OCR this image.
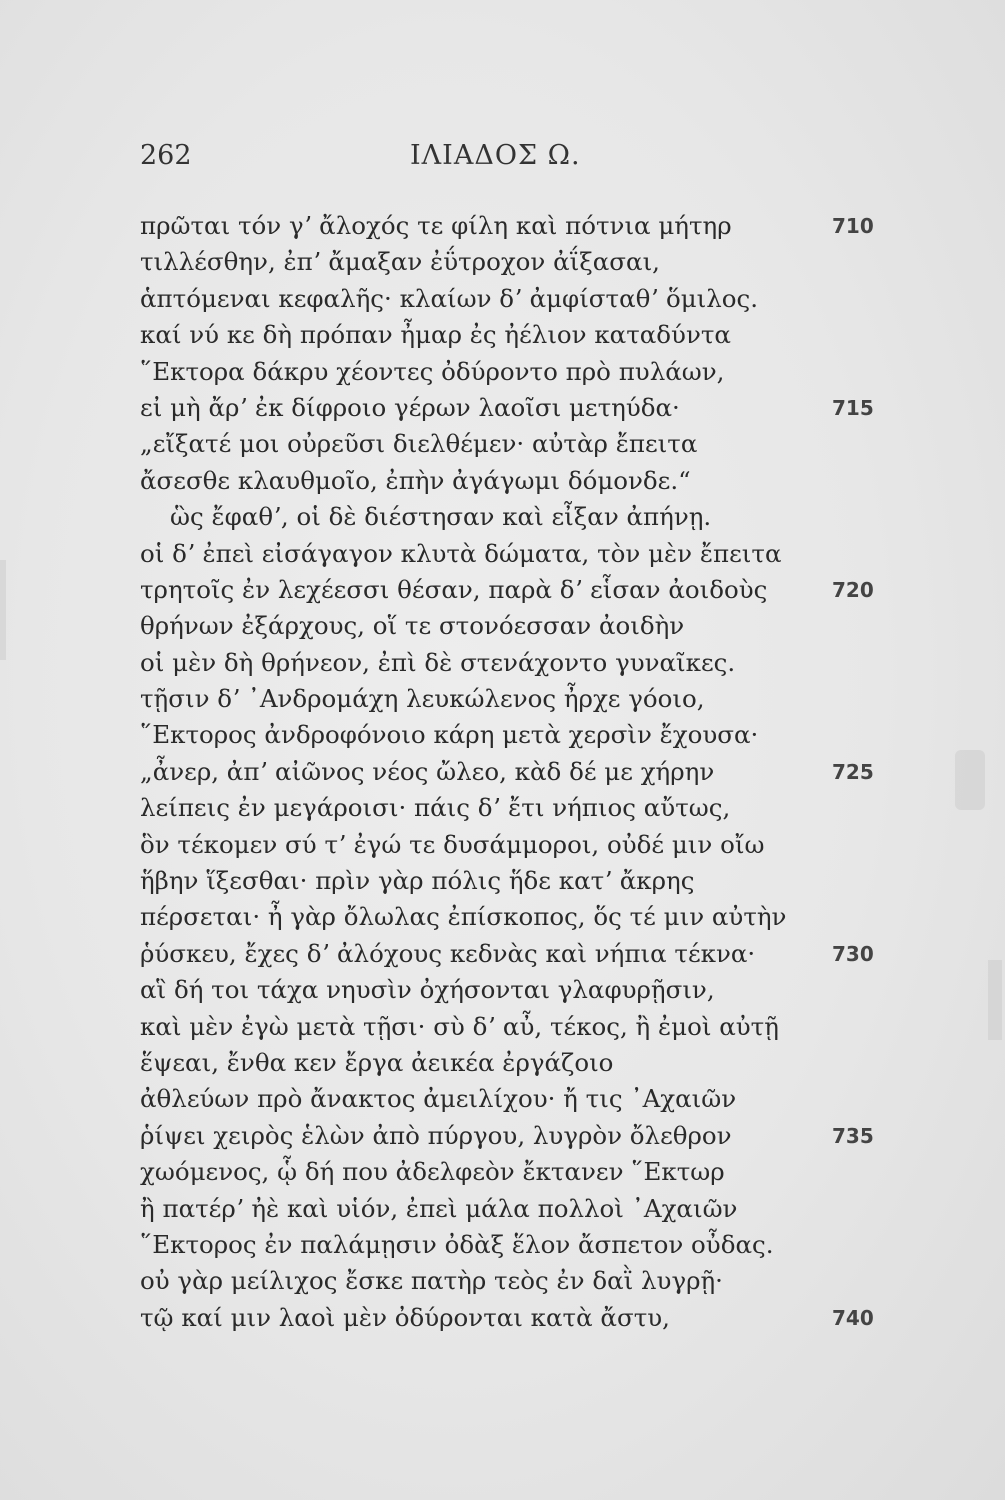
262	ΙΛΙΑΔΟΣ Ω.
πρῶται τόν γʼ ἄλοχός τε φίλη καὶ πότνια μήτηρ	710
τιλλέσθην, ἐπʼ ἄμαξαν ἐΰτροχον ἀΐξασαι,
ἁπτόμεναι κεφαλῆς· κλαίων δʼ ἀμφίσταθʼ ὅμιλος.
καί νύ κε δὴ πρόπαν ἦμαρ ἐς ἠέλιον καταδύντα
῞Εκτορα δάκρυ χέοντες ὀδύροντο πρὸ πυλάων,
εἰ μὴ ἄρʼ ἐκ δίφροιο γέρων λαοῖσι μετηύδα·	715
„εἴξατέ μοι οὐρεῦσι διελθέμεν· αὐτὰρ ἔπειτα
ἄσεσθε κλαυθμοῖο, ἐπὴν ἀγάγωμι δόμονδε.“
ὣς ἔφαθʼ, οἱ δὲ διέστησαν καὶ εἶξαν ἀπήνῃ.
οἱ δʼ ἐπεὶ εἰσάγαγον κλυτὰ δώματα, τὸν μὲν ἔπειτα
τρητοῖς ἐν λεχέεσσι θέσαν, παρὰ δʼ εἷσαν ἀοιδοὺς	720
θρήνων ἐξάρχους, οἵ τε στονόεσσαν ἀοιδὴν
οἱ μὲν δὴ θρήνεον, ἐπὶ δὲ στενάχοντο γυναῖκες.
τῇσιν δʼ ᾿Ανδρομάχη λευκώλενος ἦρχε γόοιο,
῞Εκτορος ἀνδροφόνοιο κάρη μετὰ χερσὶν ἔχουσα·
„ἆνερ, ἀπʼ αἰῶνος νέος ὤλεο, κὰδ δέ με χήρην	725
λείπεις ἐν μεγάροισι· πάις δʼ ἔτι νήπιος αὔτως,
ὃν τέκομεν σύ τʼ ἐγώ τε δυσάμμοροι, οὐδέ μιν οἴω
ἥβην ἵξεσθαι· πρὶν γὰρ πόλις ἥδε κατʼ ἄκρης
πέρσεται· ἦ γὰρ ὄλωλας ἐπίσκοπος, ὅς τέ μιν αὐτὴν
ῥύσκευ, ἔχες δʼ ἀλόχους κεδνὰς καὶ νήπια τέκνα·	730
αἳ δή τοι τάχα νηυσὶν ὀχήσονται γλαφυρῇσιν,
καὶ μὲν ἐγὼ μετὰ τῇσι· σὺ δʼ αὖ, τέκος, ἢ ἐμοὶ αὐτῇ
ἕψεαι, ἔνθα κεν ἔργα ἀεικέα ἐργάζοιο
ἀθλεύων πρὸ ἄνακτος ἀμειλίχου· ἤ τις ᾿Αχαιῶν
ῥίψει χειρὸς ἑλὼν ἀπὸ πύργου, λυγρὸν ὄλεθρον	735
χωόμενος, ᾧ δή που ἀδελφεὸν ἔκτανεν ῞Εκτωρ
ἢ πατέρʼ ἠὲ καὶ υἱόν, ἐπεὶ μάλα πολλοὶ ᾿Αχαιῶν
῞Εκτορος ἐν παλάμῃσιν ὀδὰξ ἕλον ἄσπετον οὖδας.
οὐ γὰρ μείλιχος ἔσκε πατὴρ τεὸς ἐν δαῒ λυγρῇ·
τῷ καί μιν λαοὶ μὲν ὀδύρονται κατὰ ἄστυ,	740
